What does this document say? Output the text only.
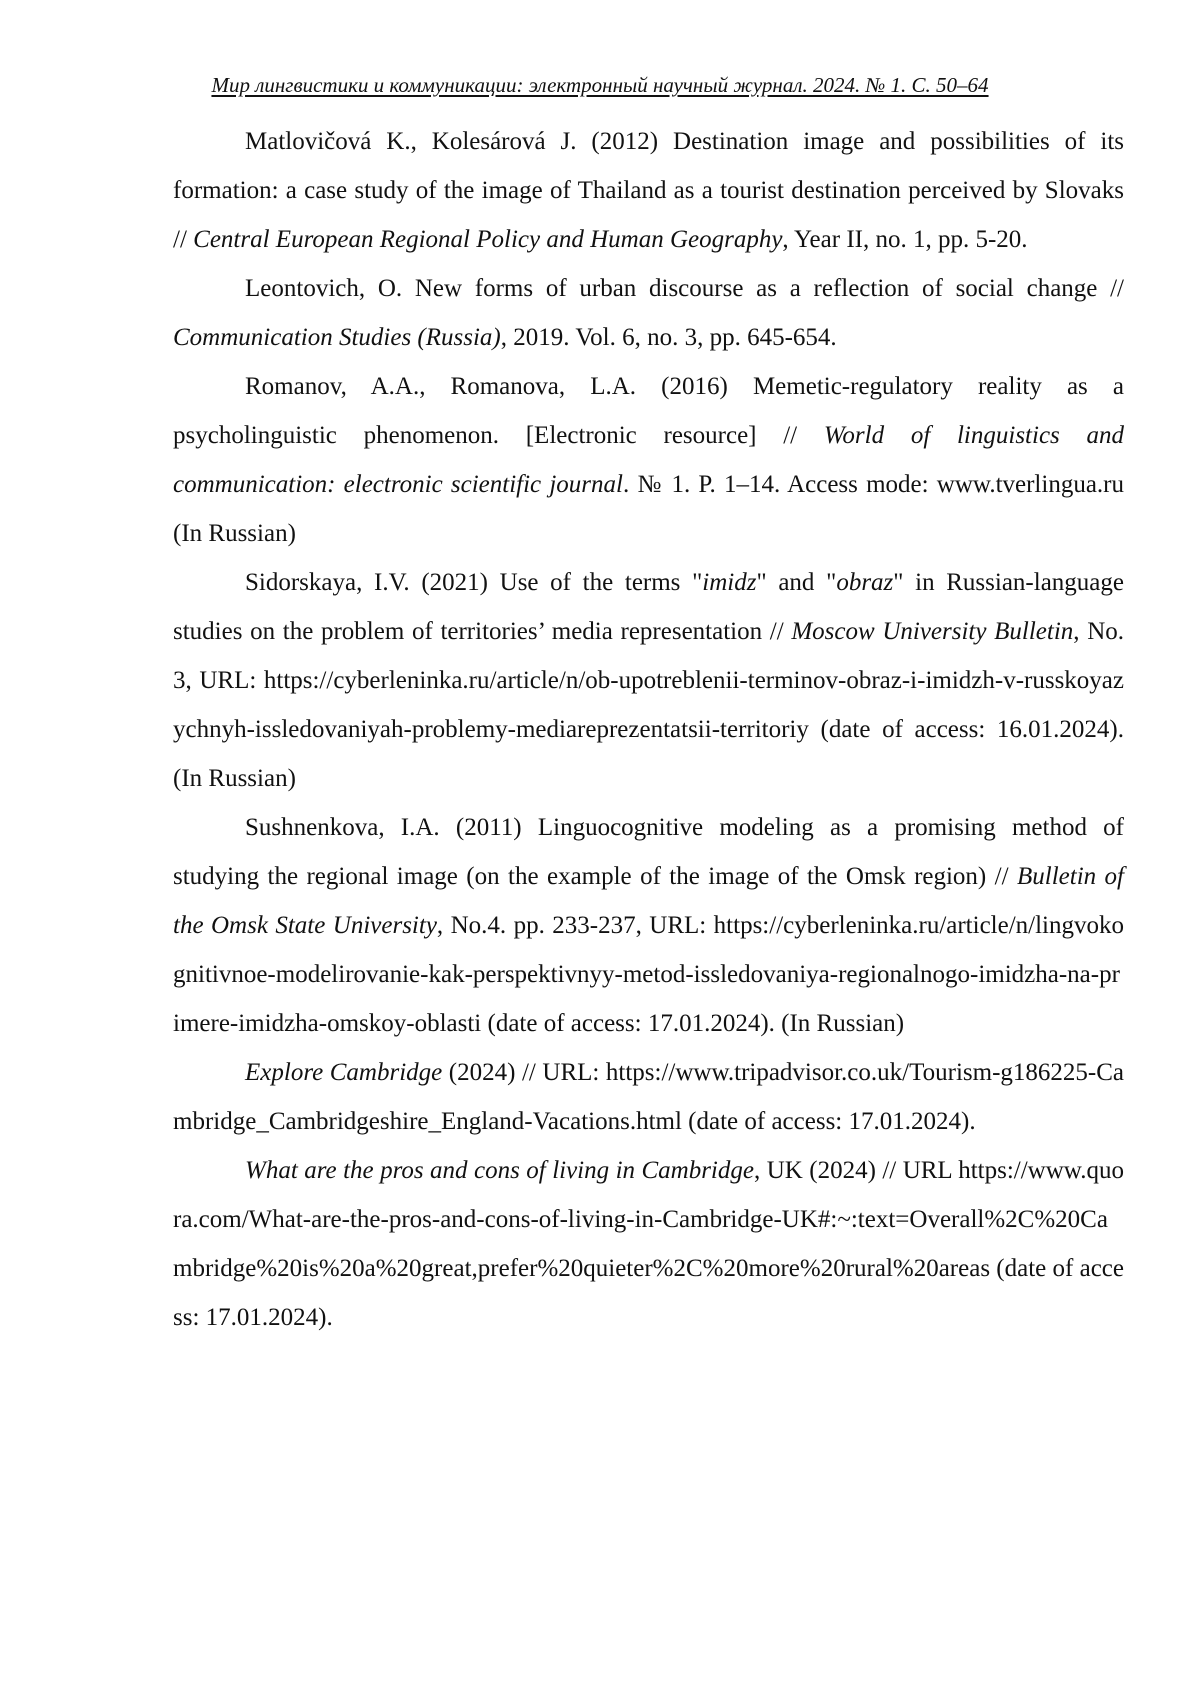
Мир лингвистики и коммуникации: электронный научный журнал. 2024. № 1. С. 50–64

Matlovičová K., Kolesárová J. (2012) Destination image and possibilities of its formation: a case study of the image of Thailand as a tourist destination perceived by Slovaks // Central European Regional Policy and Human Geography, Year II, no. 1, pp. 5-20.

Leontovich, O. New forms of urban discourse as a reflection of social change // Communication Studies (Russia), 2019. Vol. 6, no. 3, pp. 645-654.

Romanov, A.A., Romanova, L.A. (2016) Memetic-regulatory reality as a psycholinguistic phenomenon. [Electronic resource] // World of linguistics and communication: electronic scientific journal. № 1. P. 1–14. Access mode: www.tverlingua.ru (In Russian)

Sidorskaya, I.V. (2021) Use of the terms "imidz" and "obraz" in Russian-language studies on the problem of territories’ media representation // Moscow University Bulletin, No.3, URL: https://cyberleninka.ru/article/n/ob-upotreblenii-terminov-obraz-i-imidzh-v-russkoyazychnyh-issledovaniyah-problemy-mediareprezentatsii-territoriy (date of access: 16.01.2024). (In Russian)

Sushnenkova, I.A. (2011) Linguocognitive modeling as a promising method of studying the regional image (on the example of the image of the Omsk region) // Bulletin of the Omsk State University, No.4. pp. 233-237, URL: https://cyberleninka.ru/article/n/lingvokognitivnoe-modelirovanie-kak-perspektivnyy-metod-issledovaniya-regionalnogo-imidzha-na-primere-imidzha-omskoy-oblasti (date of access: 17.01.2024). (In Russian)

Explore Cambridge (2024) // URL: https://www.tripadvisor.co.uk/Tourism-g186225-Cambridge_Cambridgeshire_England-Vacations.html (date of access: 17.01.2024).

What are the pros and cons of living in Cambridge, UK (2024) // URL https://www.quora.com/What-are-the-pros-and-cons-of-living-in-Cambridge-UK#:~:text=Overall%2C%20Cambridge%20is%20a%20great,prefer%20quieter%2C%20more%20rural%20areas (date of access: 17.01.2024).
